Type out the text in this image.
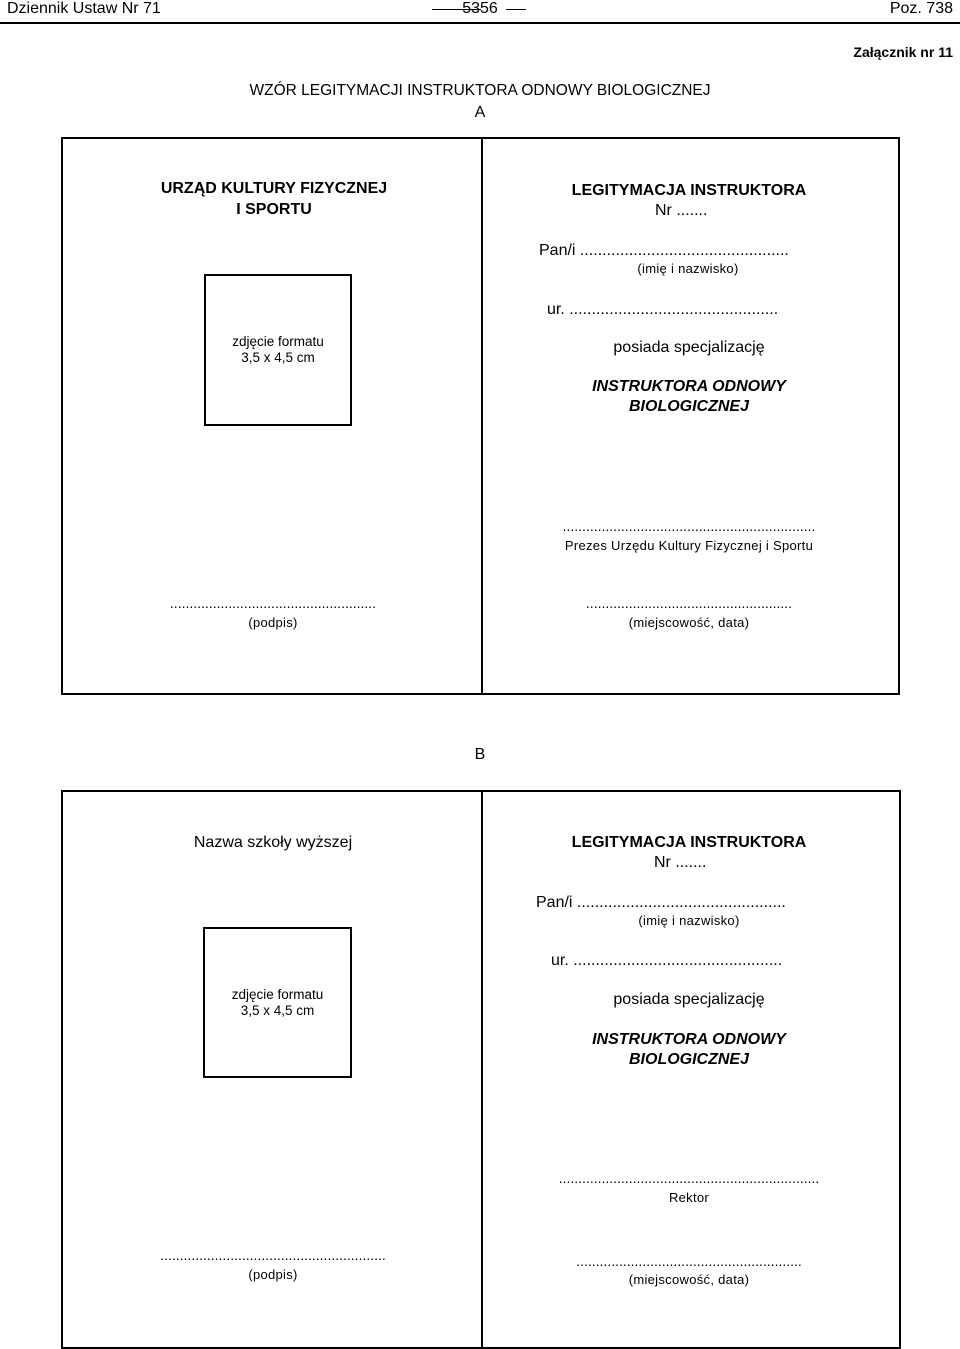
Dziennik Ustaw Nr 71	5356	Poz. 738
Załącznik nr 11
WZÓR LEGITYMACJI INSTRUKTORA ODNOWY BIOLOGICZNEJ
A
URZĄD KULTURY FIZYCZNEJ
I SPORTU
zdjęcie formatu
3,5 x 4,5 cm
.....................................................
(podpis)
LEGITYMACJA INSTRUKTORA
Nr .......
Pan/i ...............................................
(imię i nazwisko)
ur. ...............................................
posiada specjalizację
INSTRUKTORA ODNOWY
BIOLOGICZNEJ
.................................................................
Prezes Urzędu Kultury Fizycznej i Sportu
.....................................................
(miejscowość, data)
B
Nazwa szkoły wyższej
zdjęcie formatu
3,5 x 4,5 cm
..........................................................
(podpis)
LEGITYMACJA INSTRUKTORA
Nr .......
Pan/i ...............................................
(imię i nazwisko)
ur. ...............................................
posiada specjalizację
INSTRUKTORA ODNOWY
BIOLOGICZNEJ
...................................................................
Rektor
..........................................................
(miejscowość, data)
